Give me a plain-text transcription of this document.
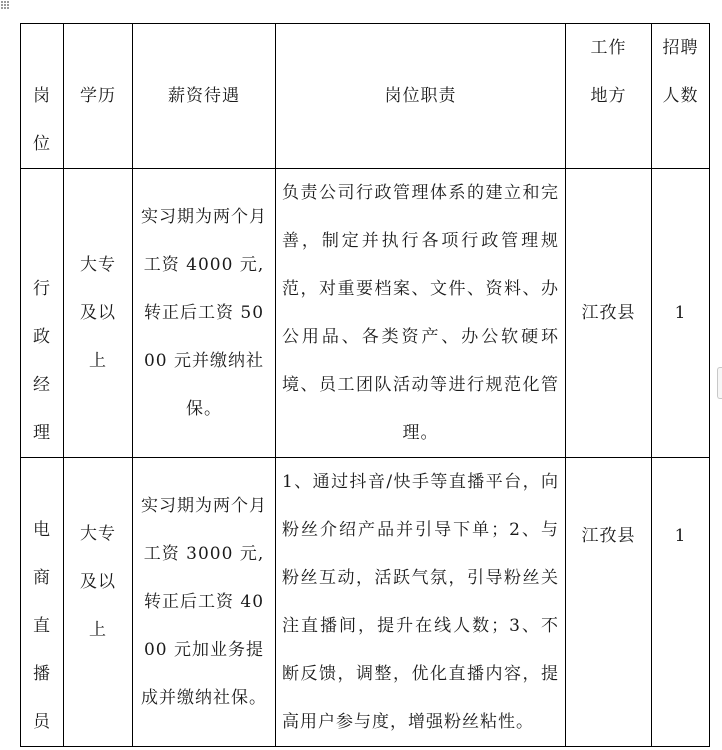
岗位	学历	薪资待遇	岗位职责	工作地方	招聘人数

行政经理	大专及以上	实习期为两个月工资 4000 元,转正后工资 5000 元并缴纳社保。	负责公司行政管理体系的建立和完善，制定并执行各项行政管理规范，对重要档案、文件、资料、办公用品、各类资产、办公软硬环境、员工团队活动等进行规范化管理。	江孜县	1

电商直播员	大专及以上	实习期为两个月工资 3000 元,转正后工资 4000 元加业务提成并缴纳社保。	1、通过抖音/快手等直播平台，向粉丝介绍产品并引导下单；2、与粉丝互动，活跃气氛，引导粉丝关注直播间，提升在线人数；3、不断反馈，调整，优化直播内容，提高用户参与度，增强粉丝粘性。	江孜县	1
